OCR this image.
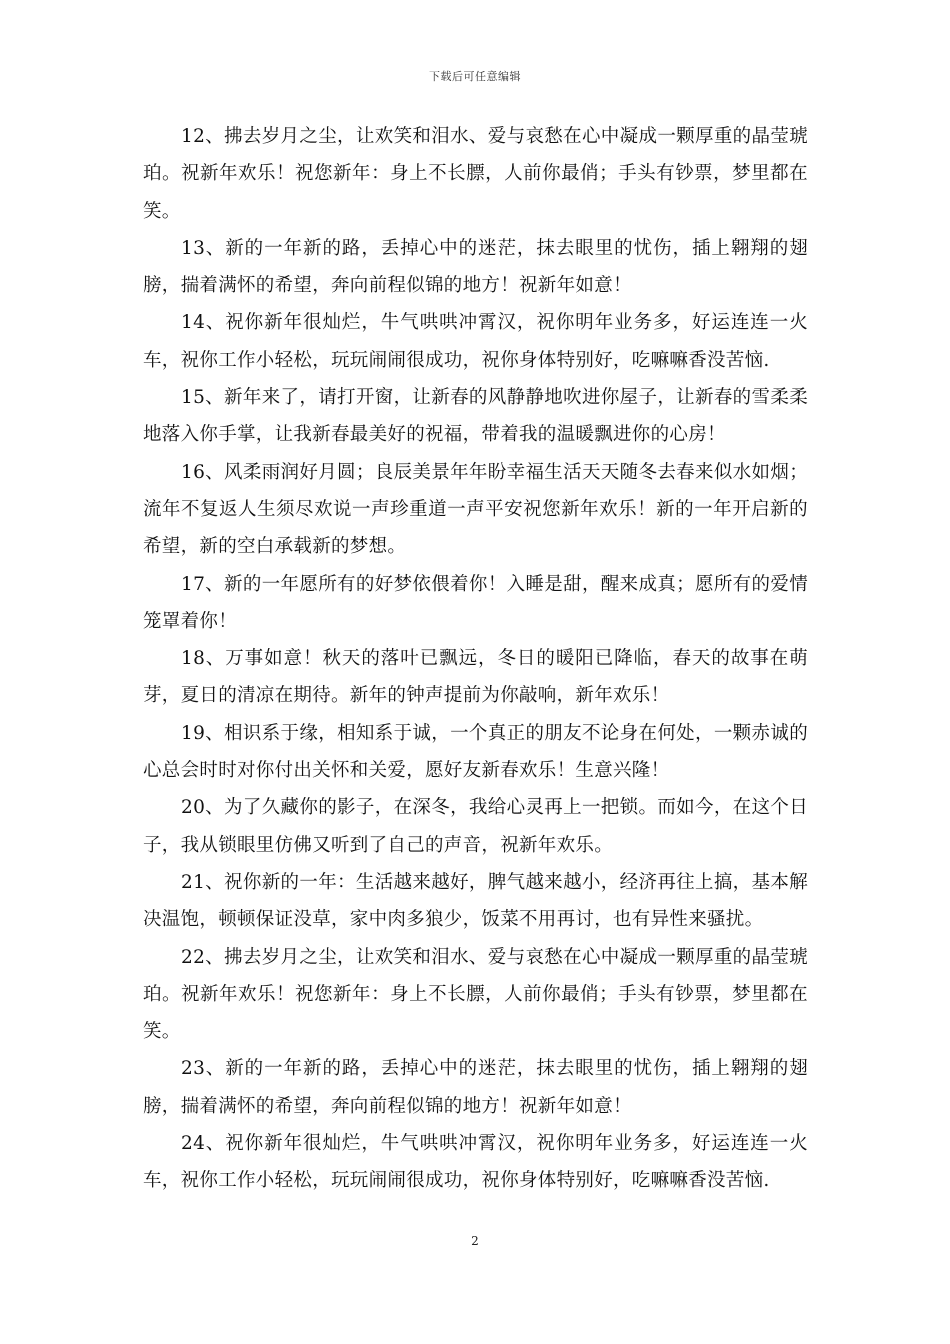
下载后可任意编辑

12、拂去岁月之尘，让欢笑和泪水、爱与哀愁在心中凝成一颗厚重的晶莹琥珀。祝新年欢乐！祝您新年：身上不长膘，人前你最俏；手头有钞票，梦里都在笑。

13、新的一年新的路，丢掉心中的迷茫，抹去眼里的忧伤，插上翱翔的翅膀，揣着满怀的希望，奔向前程似锦的地方！祝新年如意！

14、祝你新年很灿烂，牛气哄哄冲霄汉，祝你明年业务多，好运连连一火车，祝你工作小轻松，玩玩闹闹很成功，祝你身体特别好，吃嘛嘛香没苦恼.

15、新年来了，请打开窗，让新春的风静静地吹进你屋子，让新春的雪柔柔地落入你手掌，让我新春最美好的祝福，带着我的温暖飘进你的心房！

16、风柔雨润好月圆；良辰美景年年盼幸福生活天天随冬去春来似水如烟；流年不复返人生须尽欢说一声珍重道一声平安祝您新年欢乐！新的一年开启新的希望，新的空白承载新的梦想。

17、新的一年愿所有的好梦依偎着你！入睡是甜，醒来成真；愿所有的爱情笼罩着你！

18、万事如意！秋天的落叶已飘远，冬日的暖阳已降临，春天的故事在萌芽，夏日的清凉在期待。新年的钟声提前为你敲响，新年欢乐！

19、相识系于缘，相知系于诚，一个真正的朋友不论身在何处，一颗赤诚的心总会时时对你付出关怀和关爱，愿好友新春欢乐！生意兴隆！

20、为了久藏你的影子，在深冬，我给心灵再上一把锁。而如今，在这个日子，我从锁眼里仿佛又听到了自己的声音，祝新年欢乐。

21、祝你新的一年：生活越来越好，脾气越来越小，经济再往上搞，基本解决温饱，顿顿保证没草，家中肉多狼少，饭菜不用再讨，也有异性来骚扰。

22、拂去岁月之尘，让欢笑和泪水、爱与哀愁在心中凝成一颗厚重的晶莹琥珀。祝新年欢乐！祝您新年：身上不长膘，人前你最俏；手头有钞票，梦里都在笑。

23、新的一年新的路，丢掉心中的迷茫，抹去眼里的忧伤，插上翱翔的翅膀，揣着满怀的希望，奔向前程似锦的地方！祝新年如意！

24、祝你新年很灿烂，牛气哄哄冲霄汉，祝你明年业务多，好运连连一火车，祝你工作小轻松，玩玩闹闹很成功，祝你身体特别好，吃嘛嘛香没苦恼.

2
